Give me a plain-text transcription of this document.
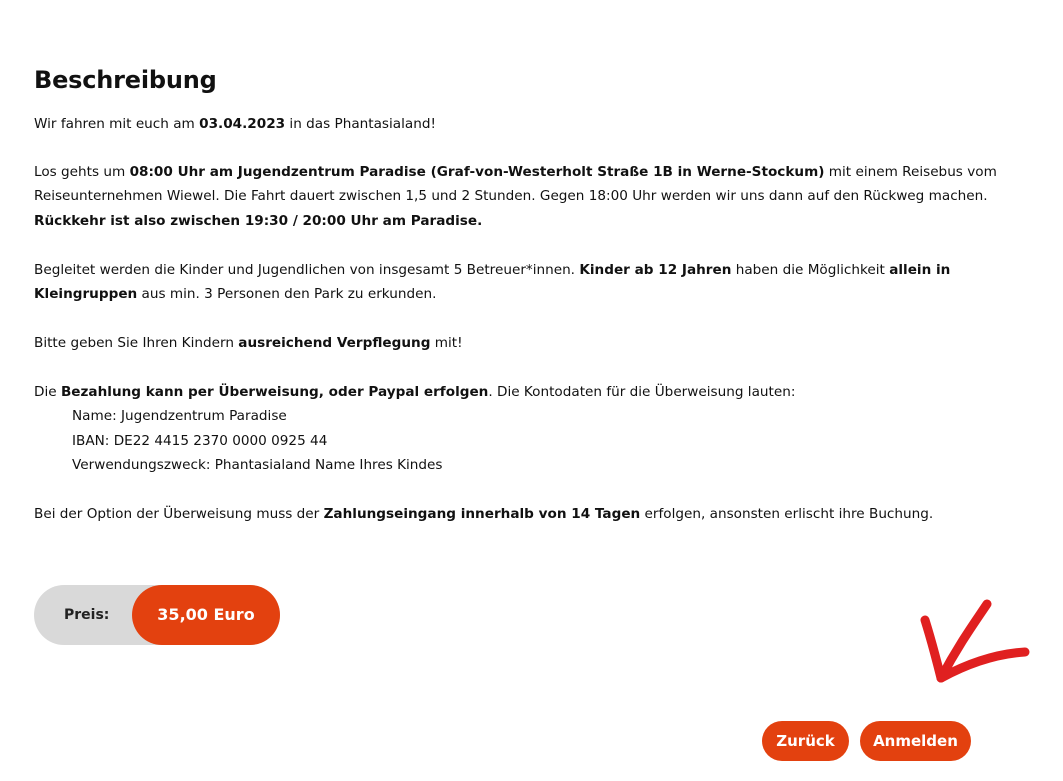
Beschreibung

Wir fahren mit euch am 03.04.2023 in das Phantasialand!

Los gehts um 08:00 Uhr am Jugendzentrum Paradise (Graf-von-Westerholt Straße 1B in Werne-Stockum) mit einem Reisebus vom
Reiseunternehmen Wiewel. Die Fahrt dauert zwischen 1,5 und 2 Stunden. Gegen 18:00 Uhr werden wir uns dann auf den Rückweg machen.
Rückkehr ist also zwischen 19:30 / 20:00 Uhr am Paradise.

Begleitet werden die Kinder und Jugendlichen von insgesamt 5 Betreuer*innen. Kinder ab 12 Jahren haben die Möglichkeit allein in
Kleingruppen aus min. 3 Personen den Park zu erkunden.

Bitte geben Sie Ihren Kindern ausreichend Verpflegung mit!

Die Bezahlung kann per Überweisung, oder Paypal erfolgen. Die Kontodaten für die Überweisung lauten:
Name: Jugendzentrum Paradise
IBAN: DE22 4415 2370 0000 0925 44
Verwendungszweck: Phantasialand Name Ihres Kindes

Bei der Option der Überweisung muss der Zahlungseingang innerhalb von 14 Tagen erfolgen, ansonsten erlischt ihre Buchung.

Preis:	35,00 Euro
Zurück	Anmelden
